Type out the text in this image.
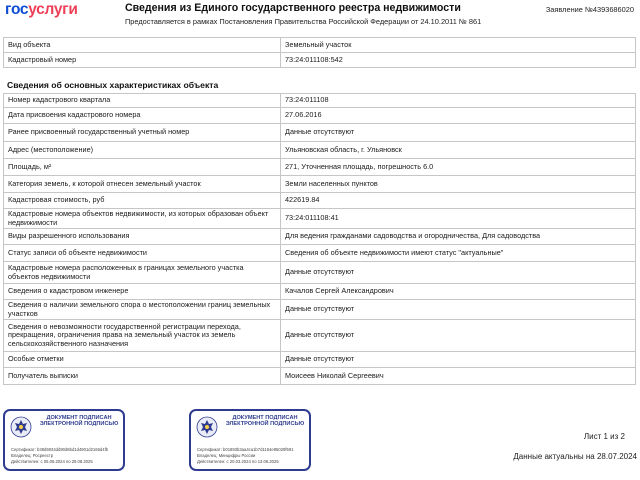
госуслуги	Сведения из Единого государственного реестра недвижимости
Предоставляется в рамках Постановления Правительства Российской Федерации от 24.10.2011 № 861
Заявление №4393686020
Вид объекта	Земельный участок
Кадастровый номер	73:24:011108:542
Сведения об основных характеристиках объекта
Номер кадастрового квартала	73:24:011108
Дата присвоения кадастрового номера	27.06.2016
Ранее присвоенный государственный учетный номер	Данные отсутствуют
Адрес (местоположение)	Ульяновская область, г. Ульяновск
Площадь, м²	271, Уточненная площадь, погрешность 6.0
Категория земель, к которой отнесен земельный участок	Земли населенных пунктов
Кадастровая стоимость, руб	422619.84
Кадастровые номера объектов недвижимости, из которых образован объект недвижимости	73:24:011108:41
Виды разрешенного использования	Для ведения гражданами садоводства и огородничества, Для садоводства
Статус записи об объекте недвижимости	Сведения об объекте недвижимости имеют статус "актуальные"
Кадастровые номера расположенных в границах земельного участка объектов недвижимости	Данные отсутствуют
Сведения о кадастровом инженере	Качалов Сергей Александрович
Сведения о наличии земельного спора о местоположении границ земельных участков	Данные отсутствуют
Сведения о невозможности государственной регистрации перехода, прекращения, ограничения права на земельный участок из земель сельскохозяйственного назначения	Данные отсутствуют
Особые отметки	Данные отсутствуют
Получатель выписки	Моисеев Николай Сергеевич
ДОКУМЕНТ ПОДПИСАН ЭЛЕКТРОННОЙ ПОДПИСЬЮ
Сертификат: b38d5934dd90d8bd1d4901d2166d4fb
Владелец: Росреестр
Действителен: с 05.06.2024 по 29.08.2025
ДОКУМЕНТ ПОДПИСАН ЭЛЕКТРОННОЙ ПОДПИСЬЮ
Сертификат: b01893b3aa4ca1b7d1164e95029f591
Владелец: Минцифры России
Действителен: с 20.03.2024 по 13.06.2025
Лист 1 из 2
Данные актуальны на 28.07.2024
